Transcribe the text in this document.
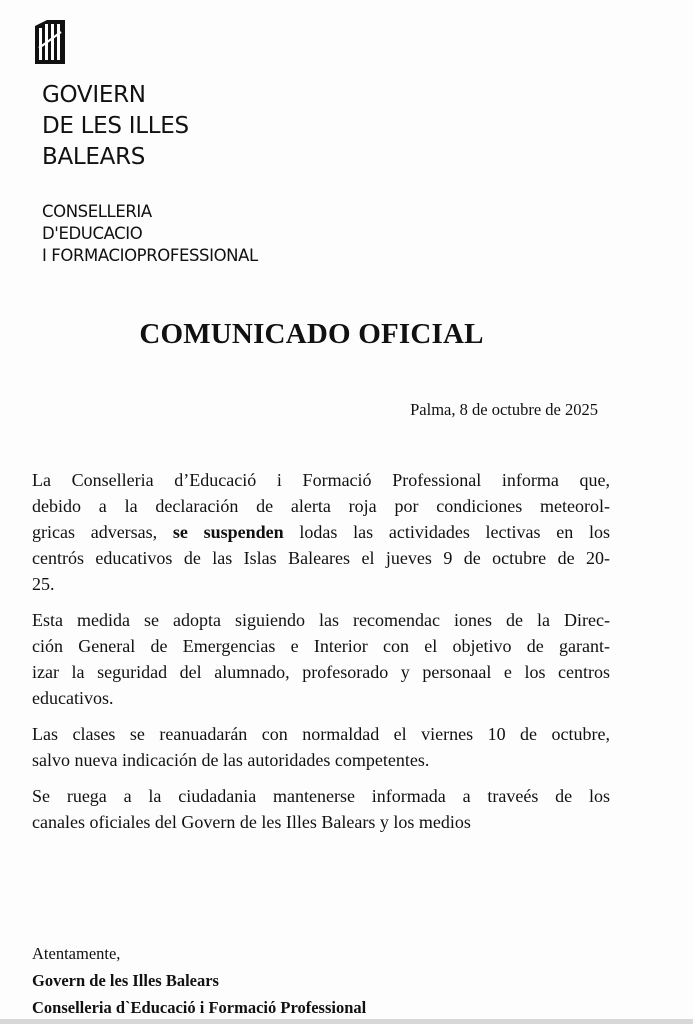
GOVIERN
DE LES ILLES
BALEARS
CONSELLERIA
D'EDUCACIO
I FORMACIOPROFESSIONAL
COMUNICADO OFICIAL
Palma, 8 de octubre de 2025
La Conselleria d’Educació i Formació Professional informa que,
debido a la declaración de alerta roja por condiciones meteorol-
gricas adversas, se suspenden lodas las actividades lectivas en los
centrós educativos de las Islas Baleares el jueves 9 de octubre de 20-
25.
Esta medida se adopta siguiendo las recomendac iones de la Direc-
ción General de Emergencias e Interior con el objetivo de garant-
izar la seguridad del alumnado, profesorado y personaal e los centros
educativos.
Las clases se reanuadarán con normaldad el viernes 10 de octubre,
salvo nueva indicación de las autoridades competentes.
Se ruega a la ciudadania mantenerse informada a traveés de los
canales oficiales del Govern de les Illes Balears y los medios
Atentamente,
Govern de les Illes Balears
Conselleria d`Educació i Formació Professional
